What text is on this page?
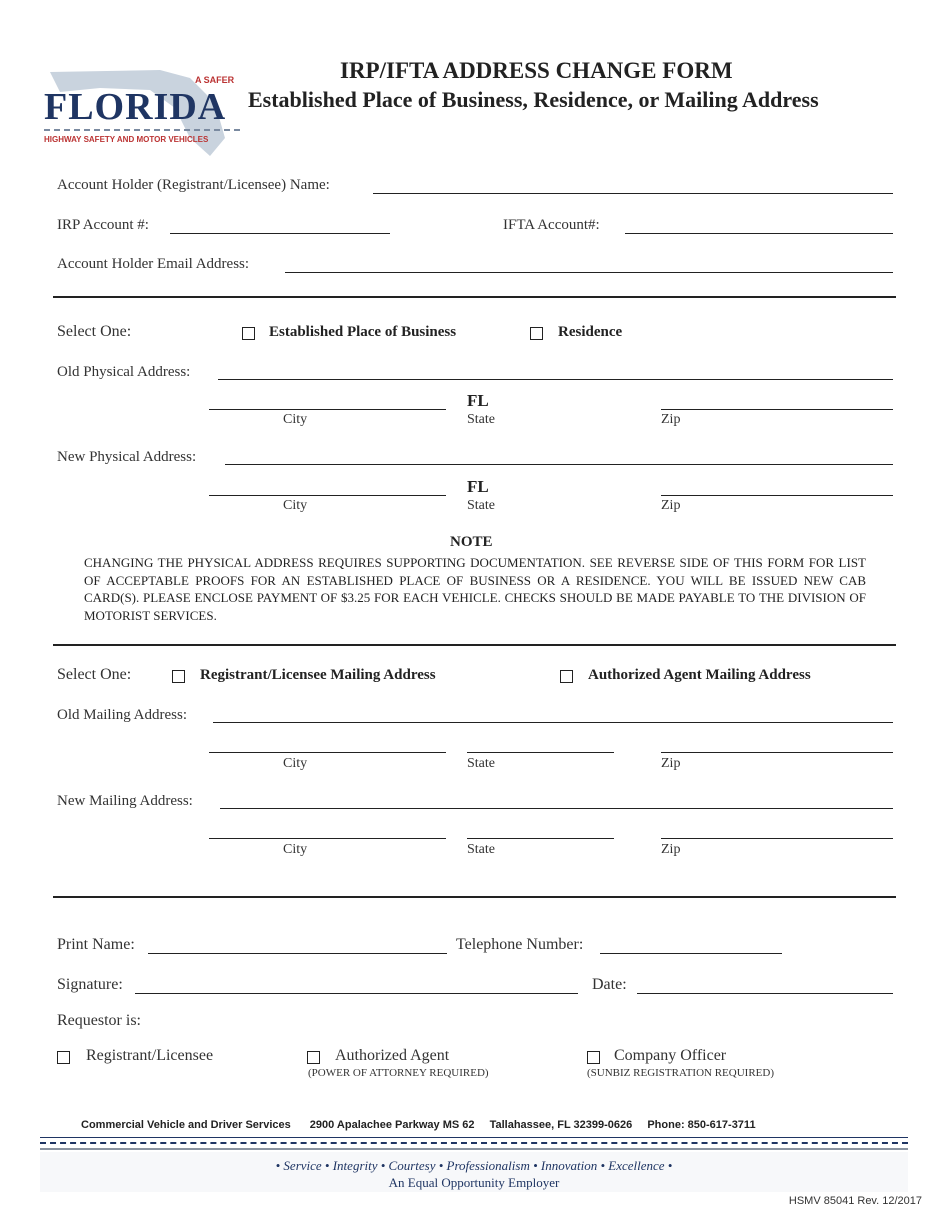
A SAFER
FLORIDA
HIGHWAY SAFETY AND MOTOR VEHICLES
IRP/IFTA ADDRESS CHANGE FORM
Established Place of Business, Residence, or Mailing Address
Account Holder (Registrant/Licensee) Name:
IRP Account #:	IFTA Account#:
Account Holder Email Address:
Select One:	Established Place of Business	Residence
Old Physical Address:
FL
City	State	Zip
New Physical Address:
FL
City	State	Zip
NOTE
CHANGING THE PHYSICAL ADDRESS REQUIRES SUPPORTING DOCUMENTATION. SEE REVERSE SIDE OF THIS FORM FOR LIST OF ACCEPTABLE PROOFS FOR AN ESTABLISHED PLACE OF BUSINESS OR A RESIDENCE. YOU WILL BE ISSUED NEW CAB CARD(S). PLEASE ENCLOSE PAYMENT OF $3.25 FOR EACH VEHICLE. CHECKS SHOULD BE MADE PAYABLE TO THE DIVISION OF MOTORIST SERVICES.
Select One:	Registrant/Licensee Mailing Address	Authorized Agent Mailing Address
Old Mailing Address:
City	State	Zip
New Mailing Address:
City	State	Zip
Print Name:	Telephone Number:
Signature:	Date:
Requestor is:
Registrant/Licensee	Authorized Agent
(POWER OF ATTORNEY REQUIRED)
Company Officer
(SUNBIZ REGISTRATION REQUIRED)
Commercial Vehicle and Driver Services 2900 Apalachee Parkway MS 62 Tallahassee, FL 32399-0626 Phone: 850-617-3711
• Service • Integrity • Courtesy • Professionalism • Innovation • Excellence •
An Equal Opportunity Employer
HSMV 85041 Rev. 12/2017
